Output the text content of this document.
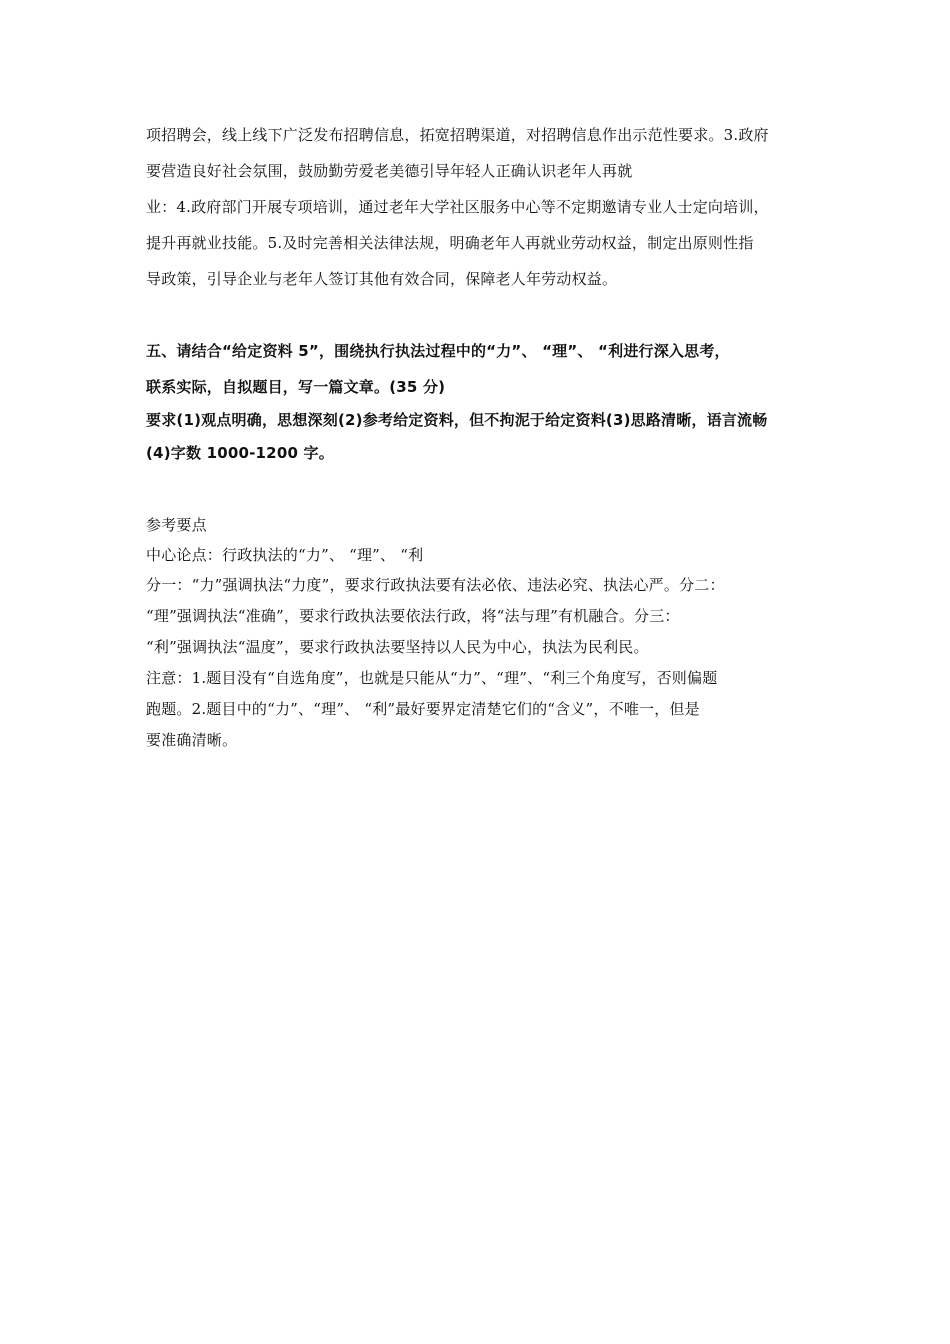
项招聘会，线上线下广泛发布招聘信息，拓宽招聘渠道，对招聘信息作出示范性要求。3.政府
要营造良好社会氛围，鼓励勤劳爱老美德引导年轻人正确认识老年人再就
业：4.政府部门开展专项培训，通过老年大学社区服务中心等不定期邀请专业人士定向培训，
提升再就业技能。5.及时完善相关法律法规，明确老年人再就业劳动权益，制定出原则性指
导政策，引导企业与老年人签订其他有效合同，保障老人年劳动权益。
五、请结合“给定资料 5”，围绕执行执法过程中的“力”、 “理”、 “利进行深入思考，
联系实际，自拟题目，写一篇文章。(35 分)
要求(1)观点明确，思想深刻(2)参考给定资料，但不拘泥于给定资料(3)思路清晰，语言流畅
(4)字数 1000-1200 字。
参考要点
中心论点：行政执法的“力”、 “理”、 “利
分一：“力”强调执法“力度”，要求行政执法要有法必依、违法必究、执法心严。分二：
“理”强调执法“准确”，要求行政执法要依法行政，将“法与理”有机融合。分三：
“利”强调执法“温度”，要求行政执法要坚持以人民为中心，执法为民利民。
注意：1.题目没有“自选角度”，也就是只能从“力”、“理”、“利三个角度写，否则偏题
跑题。2.题目中的“力”、“理”、 “利”最好要界定清楚它们的“含义”，不唯一，但是
要准确清晰。
